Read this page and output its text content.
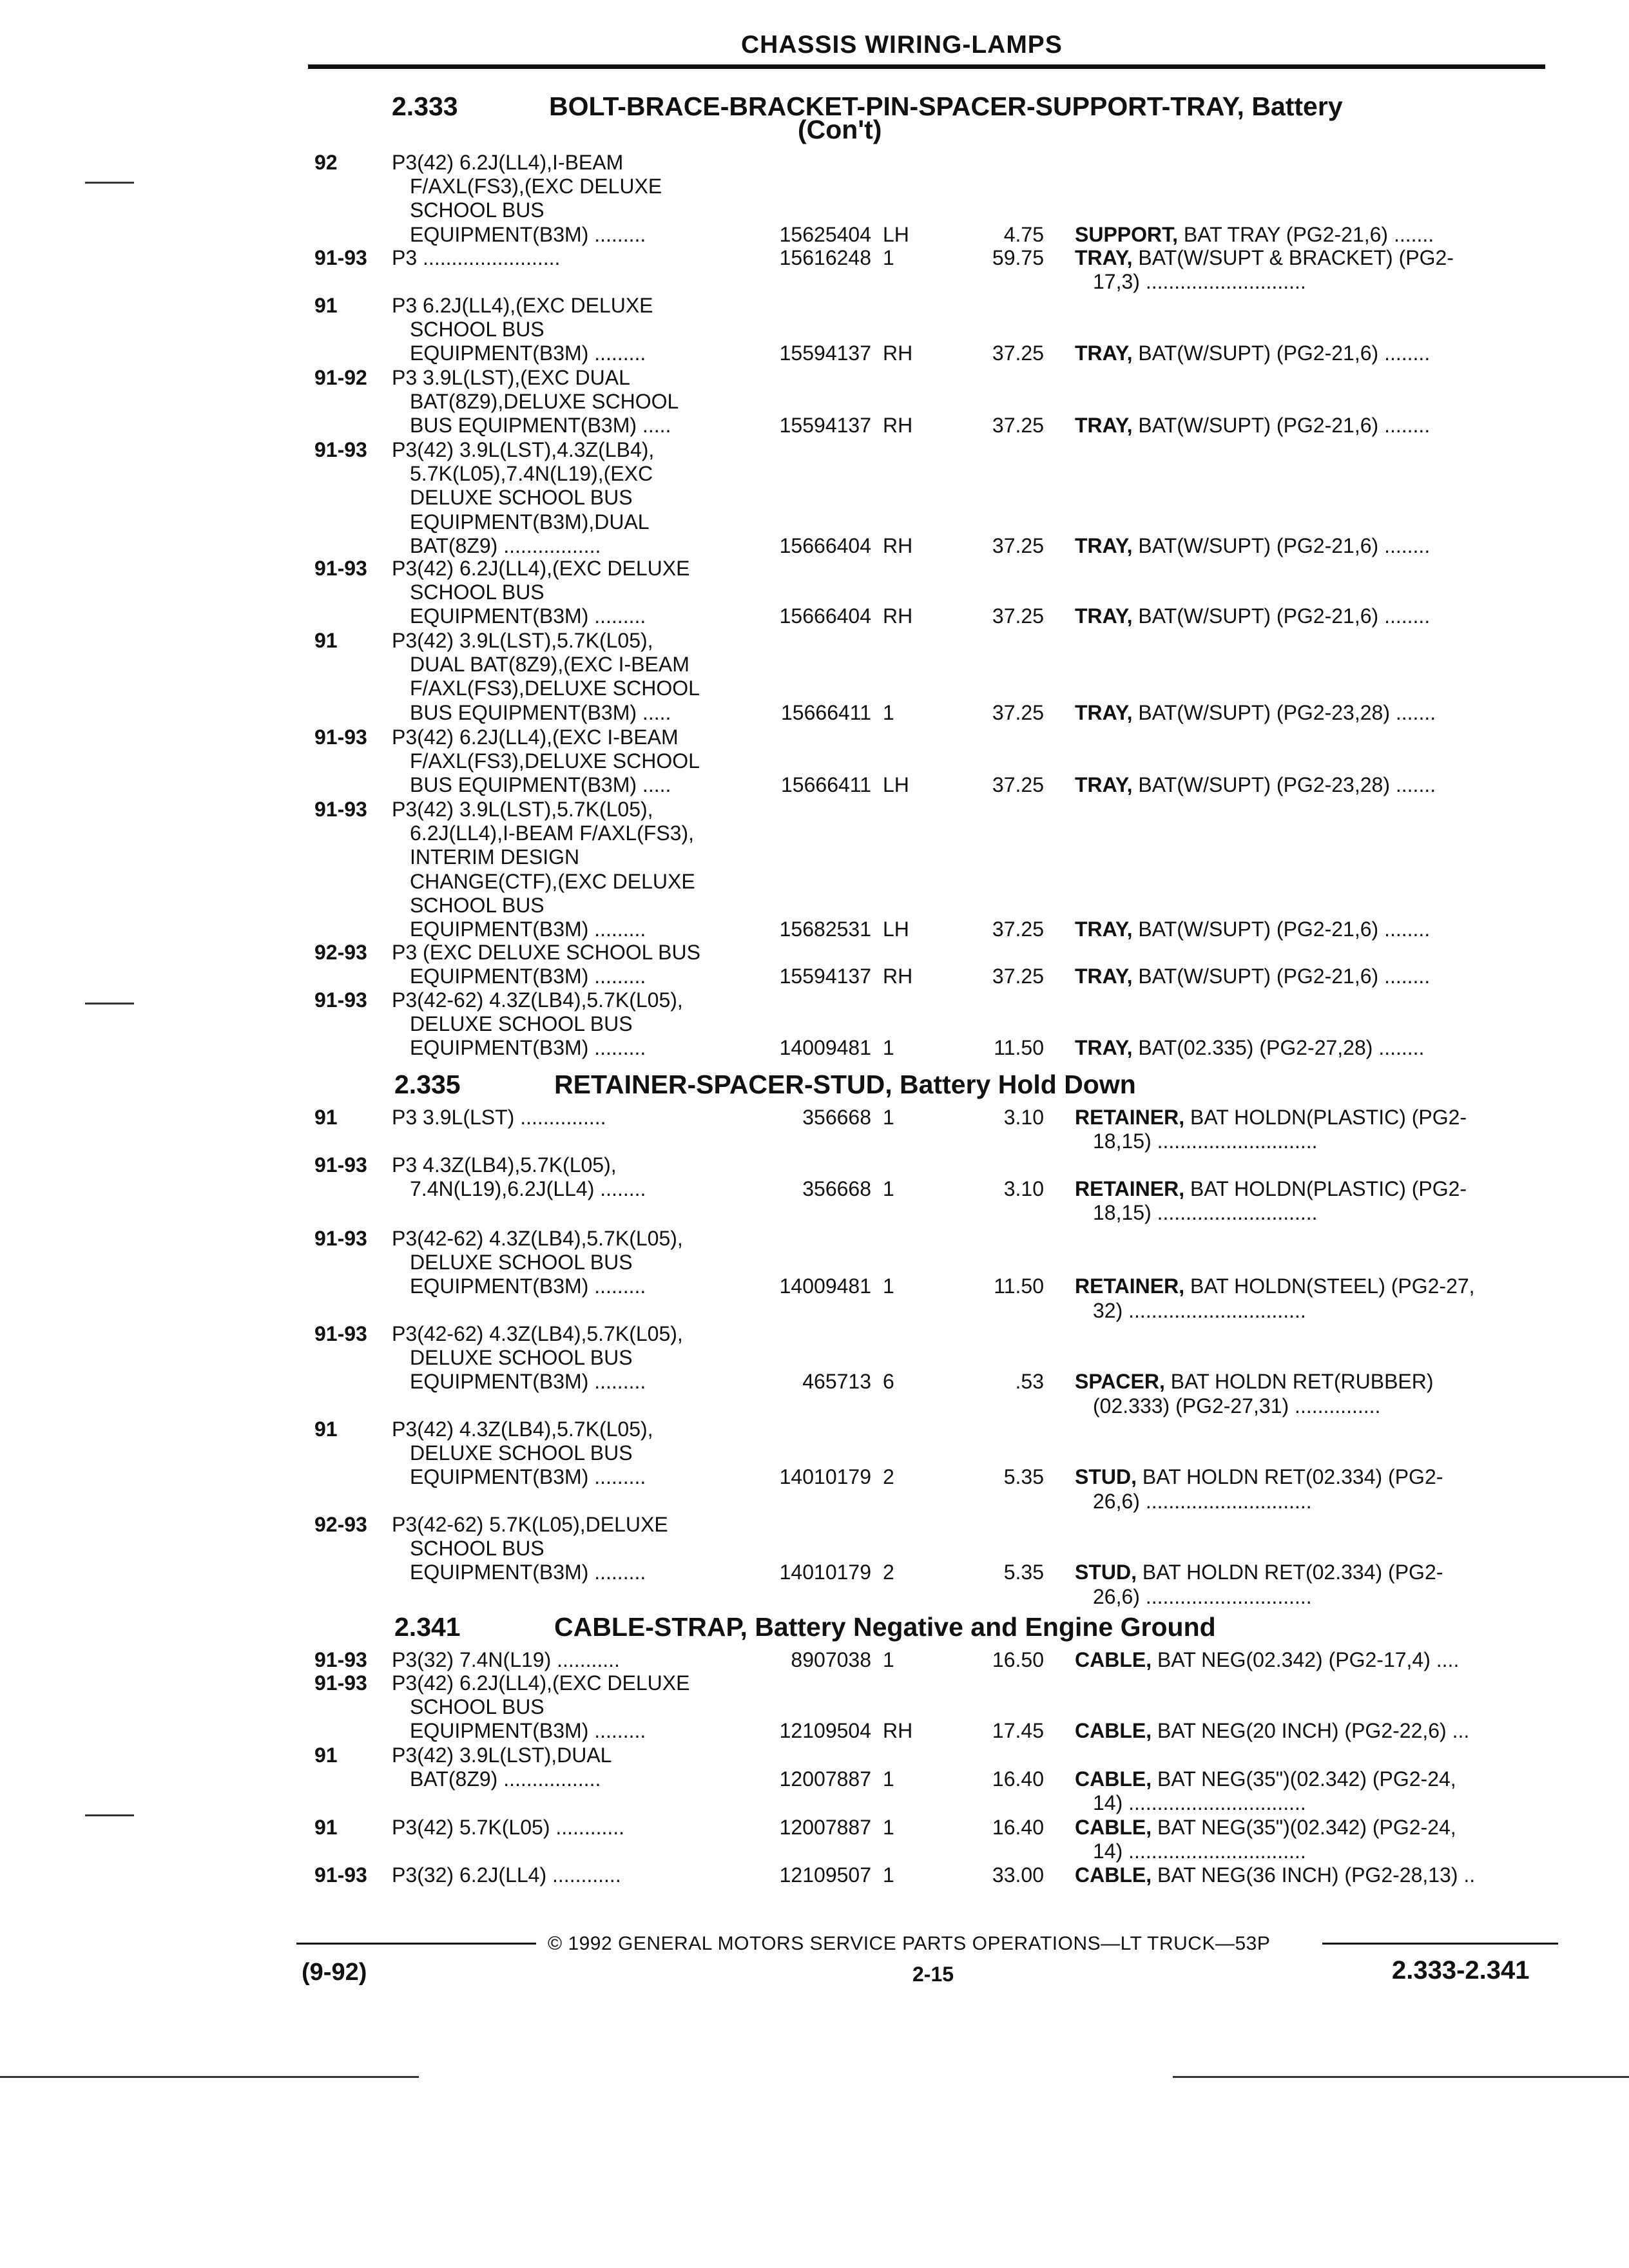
CHASSIS WIRING-LAMPS
2.333	BOLT-BRACE-BRACKET-PIN-SPACER-SUPPORT-TRAY, Battery
(Con't)
92	P3(42) 6.2J(LL4),I-BEAM
F/AXL(FS3),(EXC DELUXE
SCHOOL BUS
EQUIPMENT(B3M) .........	15625404 LH	4.75 SUPPORT, BAT TRAY (PG2-21,6) .......
91-93 P3 ........................	15616248 1	59.75 TRAY, BAT(W/SUPT & BRACKET) (PG2-
17,3) ............................
91	P3 6.2J(LL4),(EXC DELUXE
SCHOOL BUS
EQUIPMENT(B3M) .........	15594137 RH	37.25 TRAY, BAT(W/SUPT) (PG2-21,6) ........
91-92 P3 3.9L(LST),(EXC DUAL
BAT(8Z9),DELUXE SCHOOL
BUS EQUIPMENT(B3M) .....	15594137 RH	37.25 TRAY, BAT(W/SUPT) (PG2-21,6) ........
91-93 P3(42) 3.9L(LST),4.3Z(LB4),
5.7K(L05),7.4N(L19),(EXC
DELUXE SCHOOL BUS
EQUIPMENT(B3M),DUAL
BAT(8Z9) .................	15666404 RH	37.25 TRAY, BAT(W/SUPT) (PG2-21,6) ........
91-93 P3(42) 6.2J(LL4),(EXC DELUXE
SCHOOL BUS
EQUIPMENT(B3M) .........	15666404 RH	37.25 TRAY, BAT(W/SUPT) (PG2-21,6) ........
91	P3(42) 3.9L(LST),5.7K(L05),
DUAL BAT(8Z9),(EXC I-BEAM
F/AXL(FS3),DELUXE SCHOOL
BUS EQUIPMENT(B3M) .....	15666411 1	37.25 TRAY, BAT(W/SUPT) (PG2-23,28) .......
91-93 P3(42) 6.2J(LL4),(EXC I-BEAM
F/AXL(FS3),DELUXE SCHOOL
BUS EQUIPMENT(B3M) .....	15666411 LH	37.25 TRAY, BAT(W/SUPT) (PG2-23,28) .......
91-93 P3(42) 3.9L(LST),5.7K(L05),
6.2J(LL4),I-BEAM F/AXL(FS3),
INTERIM DESIGN
CHANGE(CTF),(EXC DELUXE
SCHOOL BUS
EQUIPMENT(B3M) .........	15682531 LH	37.25 TRAY, BAT(W/SUPT) (PG2-21,6) ........
92-93 P3 (EXC DELUXE SCHOOL BUS
EQUIPMENT(B3M) .........	15594137 RH	37.25 TRAY, BAT(W/SUPT) (PG2-21,6) ........
91-93 P3(42-62) 4.3Z(LB4),5.7K(L05),
DELUXE SCHOOL BUS
EQUIPMENT(B3M) .........	14009481 1	11.50 TRAY, BAT(02.335) (PG2-27,28) ........
2.335	RETAINER-SPACER-STUD, Battery Hold Down
91	P3 3.9L(LST) ...............	356668 1	3.10 RETAINER, BAT HOLDN(PLASTIC) (PG2-
18,15) ............................
91-93 P3 4.3Z(LB4),5.7K(L05),
7.4N(L19),6.2J(LL4) ........	356668 1	3.10 RETAINER, BAT HOLDN(PLASTIC) (PG2-
18,15) ............................
91-93 P3(42-62) 4.3Z(LB4),5.7K(L05),
DELUXE SCHOOL BUS
EQUIPMENT(B3M) .........	14009481 1	11.50 RETAINER, BAT HOLDN(STEEL) (PG2-27,
32) ...............................
91-93 P3(42-62) 4.3Z(LB4),5.7K(L05),
DELUXE SCHOOL BUS
EQUIPMENT(B3M) .........	465713 6	.53 SPACER, BAT HOLDN RET(RUBBER)
(02.333) (PG2-27,31) ...............
91	P3(42) 4.3Z(LB4),5.7K(L05),
DELUXE SCHOOL BUS
EQUIPMENT(B3M) .........	14010179 2	5.35 STUD, BAT HOLDN RET(02.334) (PG2-
26,6) .............................
92-93 P3(42-62) 5.7K(L05),DELUXE
SCHOOL BUS
EQUIPMENT(B3M) .........	14010179 2	5.35 STUD, BAT HOLDN RET(02.334) (PG2-
26,6) .............................
2.341	CABLE-STRAP, Battery Negative and Engine Ground
91-93 P3(32) 7.4N(L19) ...........	8907038 1	16.50 CABLE, BAT NEG(02.342) (PG2-17,4) ....
91-93 P3(42) 6.2J(LL4),(EXC DELUXE
SCHOOL BUS
EQUIPMENT(B3M) .........	12109504 RH	17.45 CABLE, BAT NEG(20 INCH) (PG2-22,6) ...
91	P3(42) 3.9L(LST),DUAL
BAT(8Z9) .................	12007887 1	16.40 CABLE, BAT NEG(35")(02.342) (PG2-24,
14) ...............................
91	P3(42) 5.7K(L05) ............	12007887 1	16.40 CABLE, BAT NEG(35")(02.342) (PG2-24,
14) ...............................
91-93 P3(32) 6.2J(LL4) ............	12109507 1	33.00 CABLE, BAT NEG(36 INCH) (PG2-28,13) ..
© 1992 GENERAL MOTORS SERVICE PARTS OPERATIONS—LT TRUCK—53P
(9-92)	2-15	2.333-2.341
